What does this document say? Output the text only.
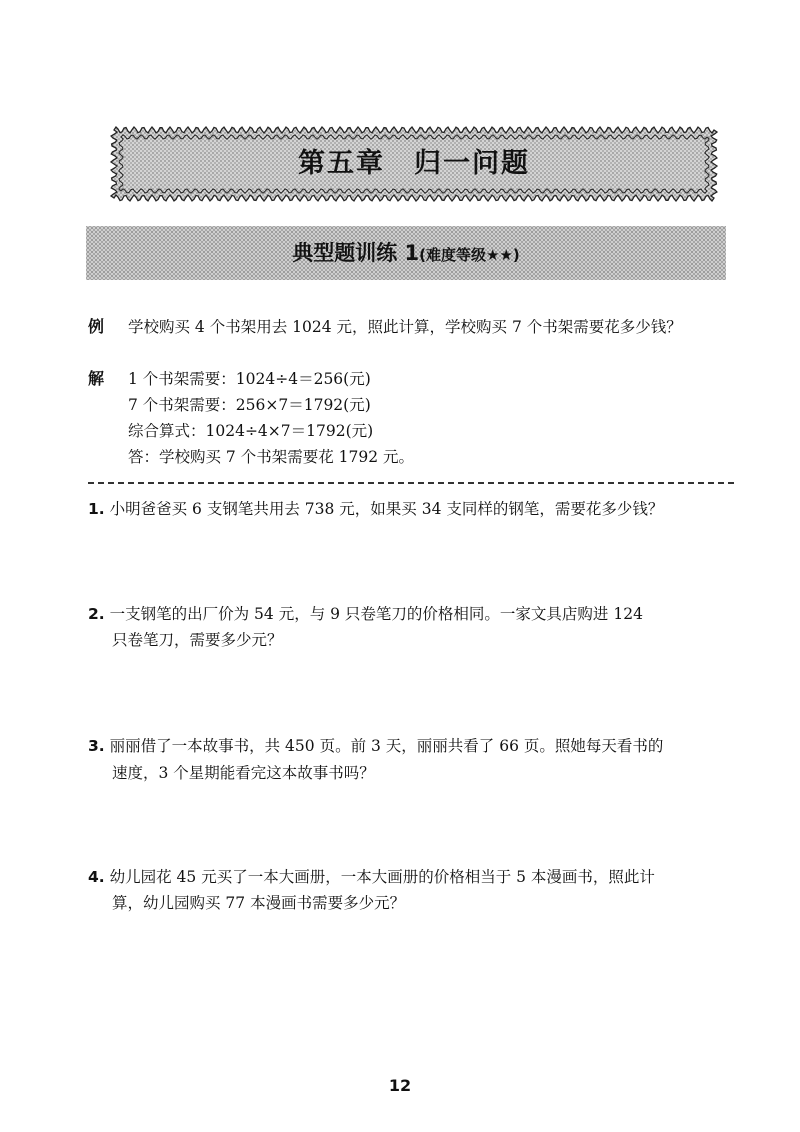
第五章　归一问题
典型题训练 1(难度等级★★)
例 学校购买 4 个书架用去 1024 元，照此计算，学校购买 7 个书架需要花多少钱？
解 1 个书架需要：1024÷4＝256(元)
7 个书架需要：256×7＝1792(元)
综合算式：1024÷4×7＝1792(元)
答：学校购买 7 个书架需要花 1792 元。
1. 小明爸爸买 6 支钢笔共用去 738 元，如果买 34 支同样的钢笔，需要花多少钱？
2. 一支钢笔的出厂价为 54 元，与 9 只卷笔刀的价格相同。一家文具店购进 124
只卷笔刀，需要多少元？
3. 丽丽借了一本故事书，共 450 页。前 3 天，丽丽共看了 66 页。照她每天看书的
速度，3 个星期能看完这本故事书吗？
4. 幼儿园花 45 元买了一本大画册，一本大画册的价格相当于 5 本漫画书，照此计
算，幼儿园购买 77 本漫画书需要多少元？
12
